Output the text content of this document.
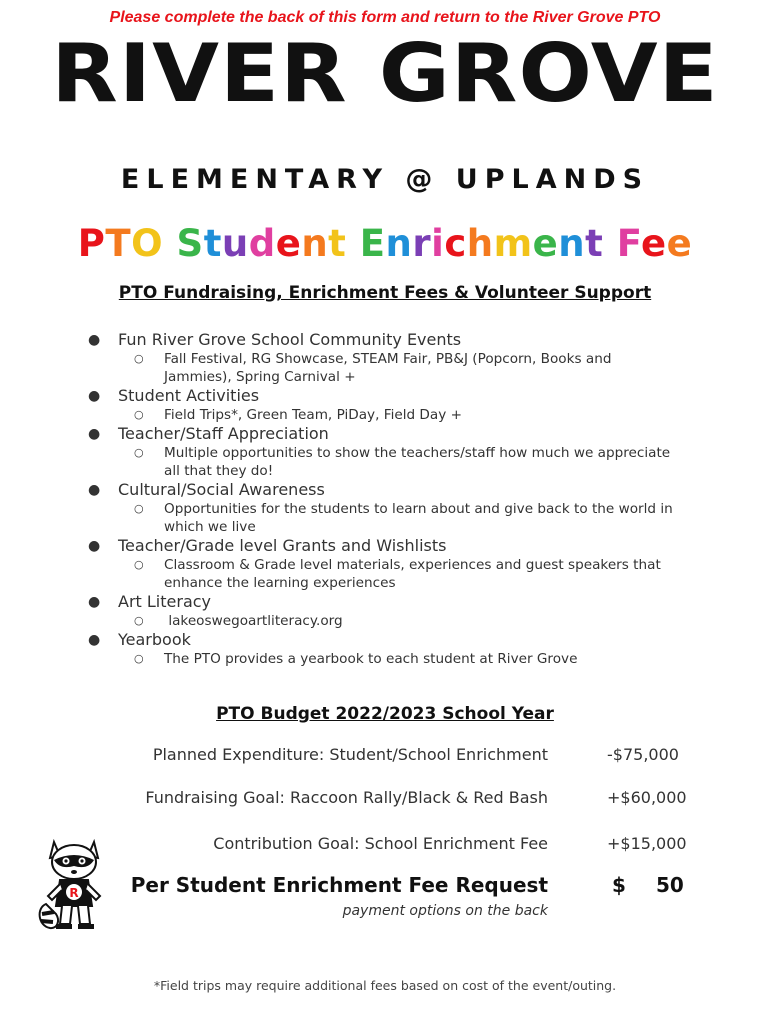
Please complete the back of this form and return to the River Grove PTO
RIVER GROVE
ELEMENTARY @ UPLANDS
PTO Student Enrichment Fee
PTO Fundraising, Enrichment Fees & Volunteer Support
● Fun River Grove School Community Events
○ Fall Festival, RG Showcase, STEAM Fair, PB&J (Popcorn, Books and Jammies), Spring Carnival +
● Student Activities
○ Field Trips*, Green Team, PiDay, Field Day +
● Teacher/Staff Appreciation
○ Multiple opportunities to show the teachers/staff how much we appreciate all that they do!
● Cultural/Social Awareness
○ Opportunities for the students to learn about and give back to the world in which we live
● Teacher/Grade level Grants and Wishlists
○ Classroom & Grade level materials, experiences and guest speakers that enhance the learning experiences
● Art Literacy
○ lakeoswegoartliteracy.org
● Yearbook
○ The PTO provides a yearbook to each student at River Grove
PTO Budget 2022/2023 School Year
Planned Expenditure: Student/School Enrichment	-$75,000
Fundraising Goal: Raccoon Rally/Black & Red Bash	+$60,000
Contribution Goal: School Enrichment Fee	+$15,000
Per Student Enrichment Fee Request	$ 50
payment options on the back
R
*Field trips may require additional fees based on cost of the event/outing.
